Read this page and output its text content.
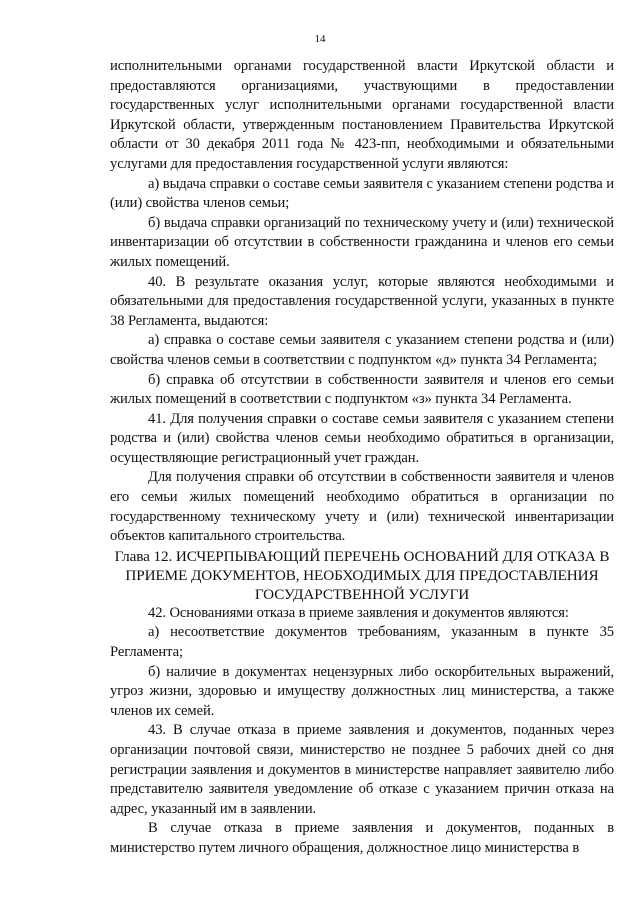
14

исполнительными органами государственной власти Иркутской области и предоставляются организациями, участвующими в предоставлении государственных услуг исполнительными органами государственной власти Иркутской области, утвержденным постановлением Правительства Иркутской области от 30 декабря 2011 года № 423-пп, необходимыми и обязательными услугами для предоставления государственной услуги являются:

а) выдача справки о составе семьи заявителя с указанием степени родства и (или) свойства членов семьи;

б) выдача справки организаций по техническому учету и (или) технической инвентаризации об отсутствии в собственности гражданина и членов его семьи жилых помещений.

40. В результате оказания услуг, которые являются необходимыми и обязательными для предоставления государственной услуги, указанных в пункте 38 Регламента, выдаются:

а) справка о составе семьи заявителя с указанием степени родства и (или) свойства членов семьи в соответствии с подпунктом «д» пункта 34 Регламента;

б) справка об отсутствии в собственности заявителя и членов его семьи жилых помещений в соответствии с подпунктом «з» пункта 34 Регламента.

41. Для получения справки о составе семьи заявителя с указанием степени родства и (или) свойства членов семьи необходимо обратиться в организации, осуществляющие регистрационный учет граждан.

Для получения справки об отсутствии в собственности заявителя и членов его семьи жилых помещений необходимо обратиться в организации по государственному техническому учету и (или) технической инвентаризации объектов капитального строительства.

Глава 12. ИСЧЕРПЫВАЮЩИЙ ПЕРЕЧЕНЬ ОСНОВАНИЙ ДЛЯ ОТКАЗА В ПРИЕМЕ ДОКУМЕНТОВ, НЕОБХОДИМЫХ ДЛЯ ПРЕДОСТАВЛЕНИЯ ГОСУДАРСТВЕННОЙ УСЛУГИ

42. Основаниями отказа в приеме заявления и документов являются:

а) несоответствие документов требованиям, указанным в пункте 35 Регламента;

б) наличие в документах нецензурных либо оскорбительных выражений, угроз жизни, здоровью и имуществу должностных лиц министерства, а также членов их семей.

43. В случае отказа в приеме заявления и документов, поданных через организации почтовой связи, министерство не позднее 5 рабочих дней со дня регистрации заявления и документов в министерстве направляет заявителю либо представителю заявителя уведомление об отказе с указанием причин отказа на адрес, указанный им в заявлении.

В случае отказа в приеме заявления и документов, поданных в министерство путем личного обращения, должностное лицо министерства в
